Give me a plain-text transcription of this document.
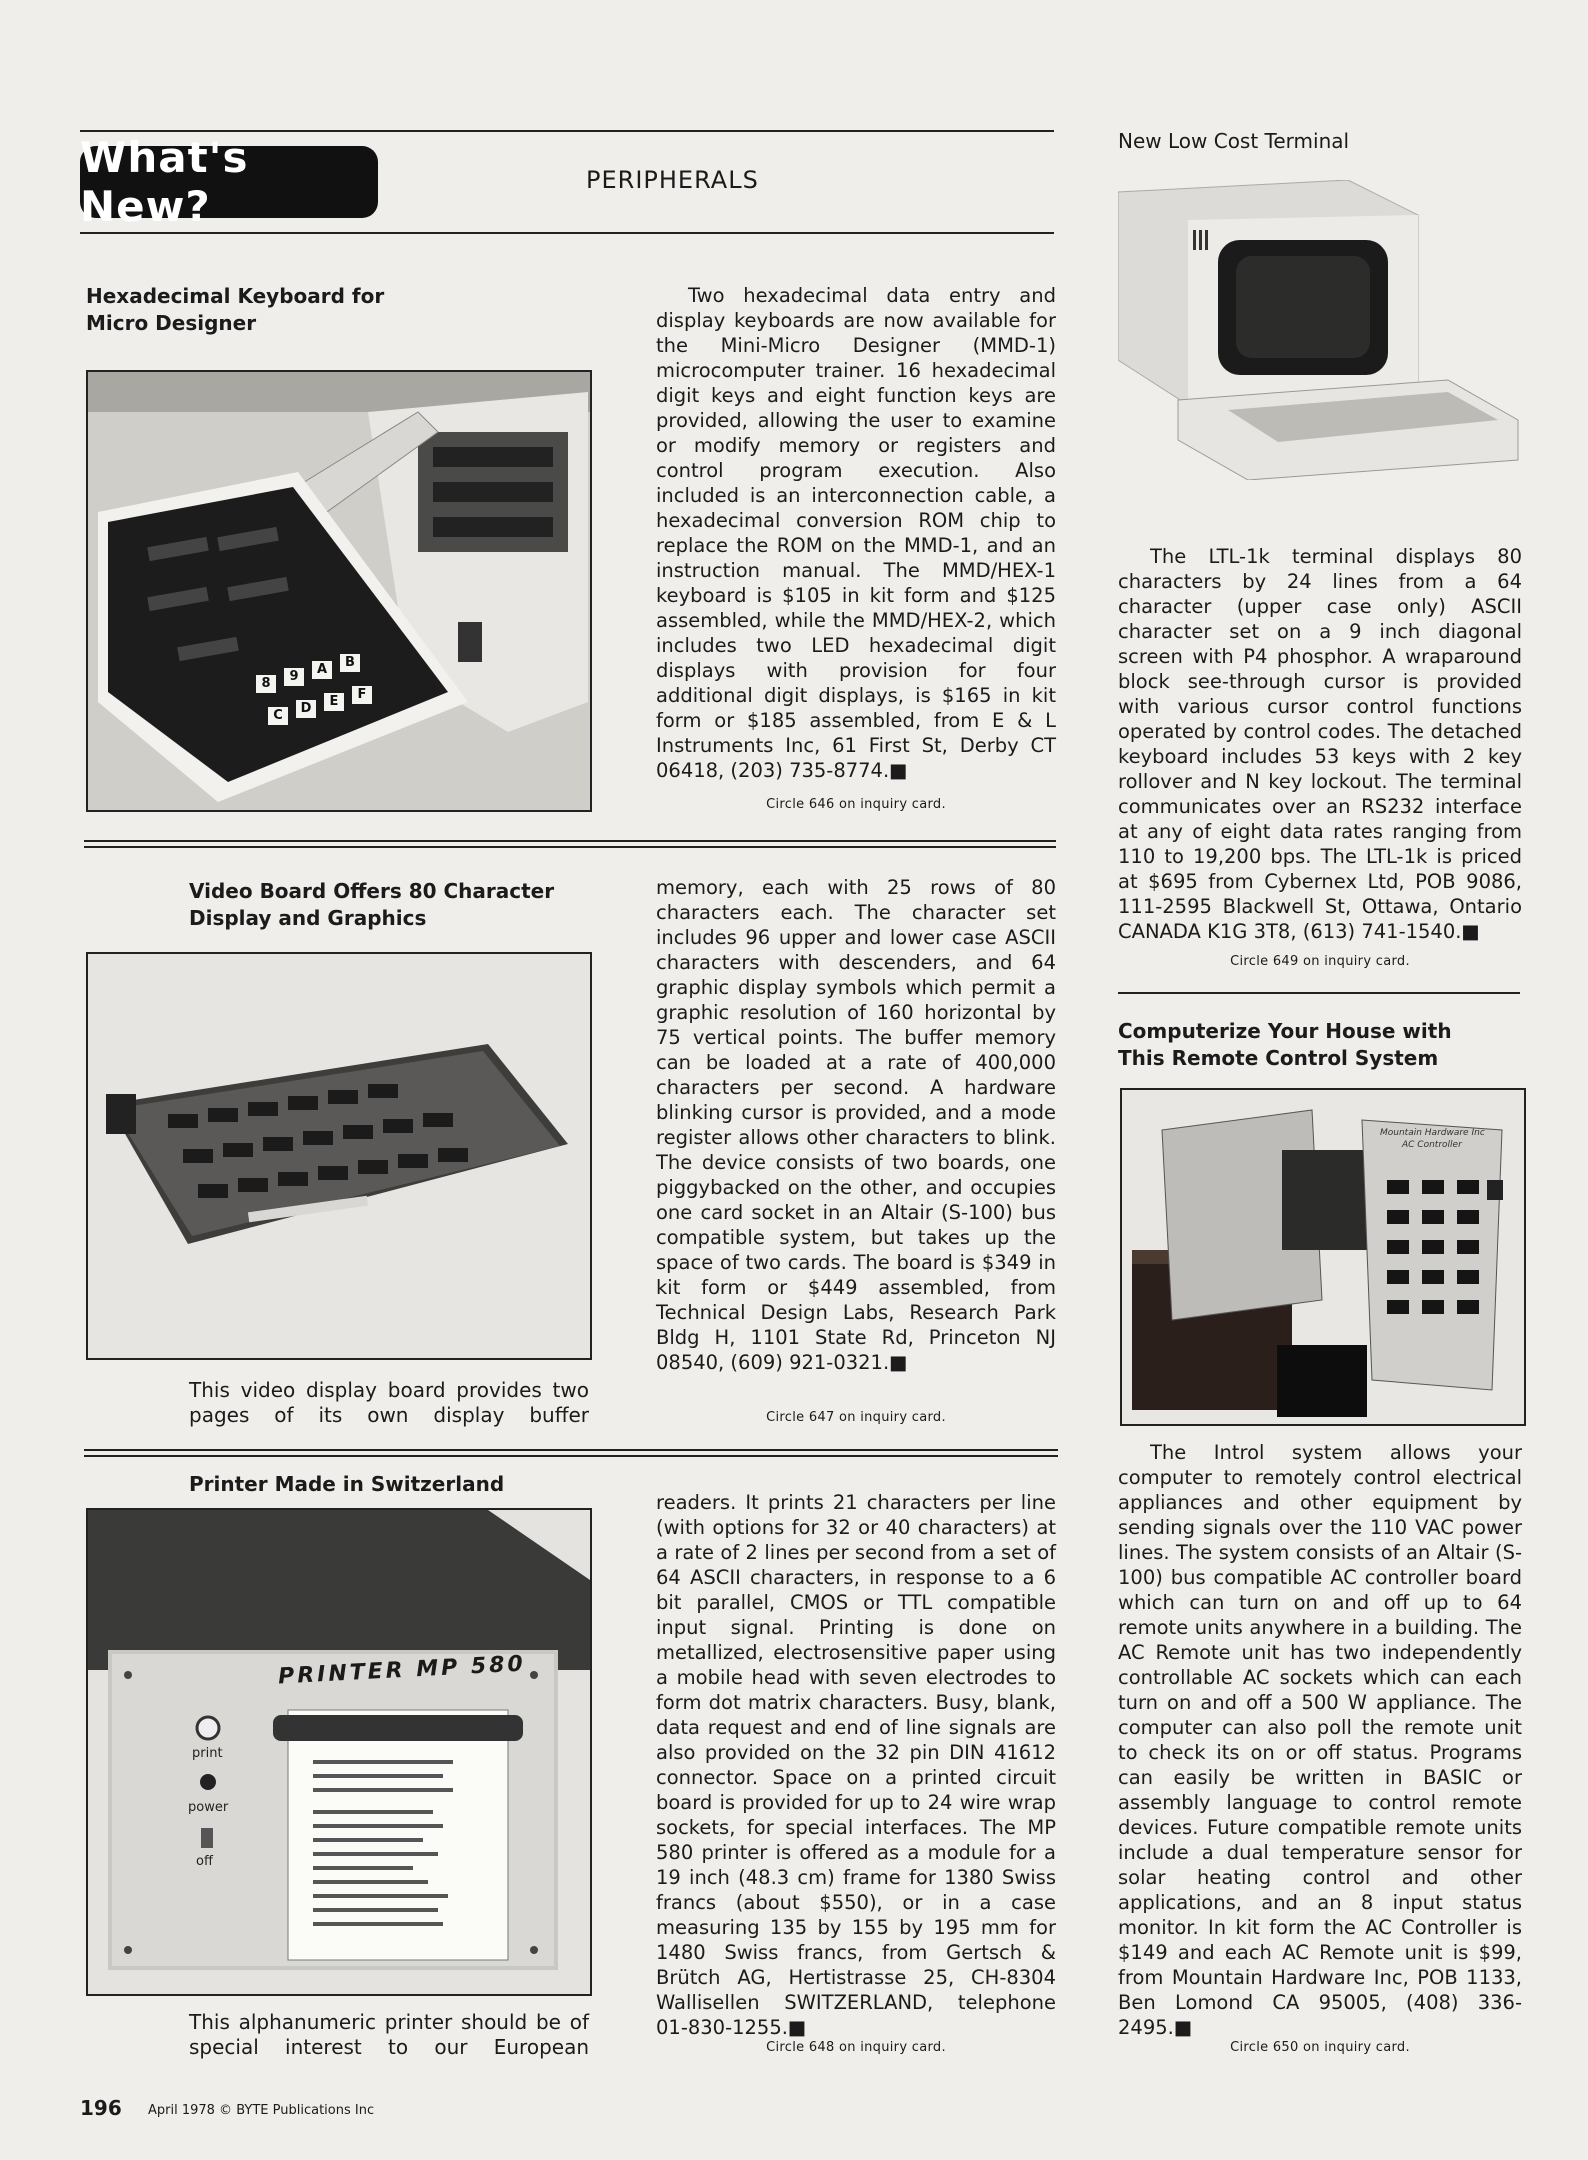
What's New?
PERIPHERALS
Hexadecimal Keyboard for
Micro Designer
8	9	A	B
C	D	E	F
Two hexadecimal data entry and display keyboards are now available for the Mini-Micro Designer (MMD-1) microcomputer trainer. 16 hexadecimal digit keys and eight function keys are provided, allowing the user to examine or modify memory or registers and control program execution. Also included is an interconnection cable, a hexadecimal conversion ROM chip to replace the ROM on the MMD-1, and an instruction manual. The MMD/HEX-1 keyboard is $105 in kit form and $125 assembled, while the MMD/HEX-2, which includes two LED hexadecimal digit displays with provision for four additional digit displays, is $165 in kit form or $185 assembled, from E & L Instruments Inc, 61 First St, Derby CT 06418, (203) 735-8774.■
Circle 646 on inquiry card.
Video Board Offers 80 Character
Display and Graphics
This video display board provides two pages of its own display buffer
memory, each with 25 rows of 80 characters each. The character set includes 96 upper and lower case ASCII characters with descenders, and 64 graphic display symbols which permit a graphic resolution of 160 horizontal by 75 vertical points. The buffer memory can be loaded at a rate of 400,000 characters per second. A hardware blinking cursor is provided, and a mode register allows other characters to blink. The device consists of two boards, one piggybacked on the other, and occupies one card socket in an Altair (S-100) bus compatible system, but takes up the space of two cards. The board is $349 in kit form or $449 assembled, from Technical Design Labs, Research Park Bldg H, 1101 State Rd, Princeton NJ 08540, (609) 921-0321.■
Circle 647 on inquiry card.
Printer Made in Switzerland
PRINTER MP 580
print
power
off
This alphanumeric printer should be of special interest to our European
readers. It prints 21 characters per line (with options for 32 or 40 characters) at a rate of 2 lines per second from a set of 64 ASCII characters, in response to a 6 bit parallel, CMOS or TTL compatible input signal. Printing is done on metallized, electrosensitive paper using a mobile head with seven electrodes to form dot matrix characters. Busy, blank, data request and end of line signals are also provided on the 32 pin DIN 41612 connector. Space on a printed circuit board is provided for up to 24 wire wrap sockets, for special interfaces. The MP 580 printer is offered as a module for a 19 inch (48.3 cm) frame for 1380 Swiss francs (about $550), or in a case measuring 135 by 155 by 195 mm for 1480 Swiss francs, from Gertsch & Brütch AG, Hertistrasse 25, CH-8304 Wallisellen SWITZERLAND, telephone 01-830-1255.■
Circle 648 on inquiry card.
New Low Cost Terminal
The LTL-1k terminal displays 80 characters by 24 lines from a 64 character (upper case only) ASCII character set on a 9 inch diagonal screen with P4 phosphor. A wraparound block see-through cursor is provided with various cursor control functions operated by control codes. The detached keyboard includes 53 keys with 2 key rollover and N key lockout. The terminal communicates over an RS232 interface at any of eight data rates ranging from 110 to 19,200 bps. The LTL-1k is priced at $695 from Cybernex Ltd, POB 9086, 111-2595 Blackwell St, Ottawa, Ontario CANADA K1G 3T8, (613) 741-1540.■
Circle 649 on inquiry card.
Computerize Your House with
This Remote Control System
Mountain Hardware Inc
AC Controller
The Introl system allows your computer to remotely control electrical appliances and other equipment by sending signals over the 110 VAC power lines. The system consists of an Altair (S-100) bus compatible AC controller board which can turn on and off up to 64 remote units anywhere in a building. The AC Remote unit has two independently controllable AC sockets which can each turn on and off a 500 W appliance. The computer can also poll the remote unit to check its on or off status. Programs can easily be written in BASIC or assembly language to control remote devices. Future compatible remote units include a dual temperature sensor for solar heating control and other applications, and an 8 input status monitor. In kit form the AC Controller is $149 and each AC Remote unit is $99, from Mountain Hardware Inc, POB 1133, Ben Lomond CA 95005, (408) 336-2495.■
Circle 650 on inquiry card.
196 April 1978 © BYTE Publications Inc
